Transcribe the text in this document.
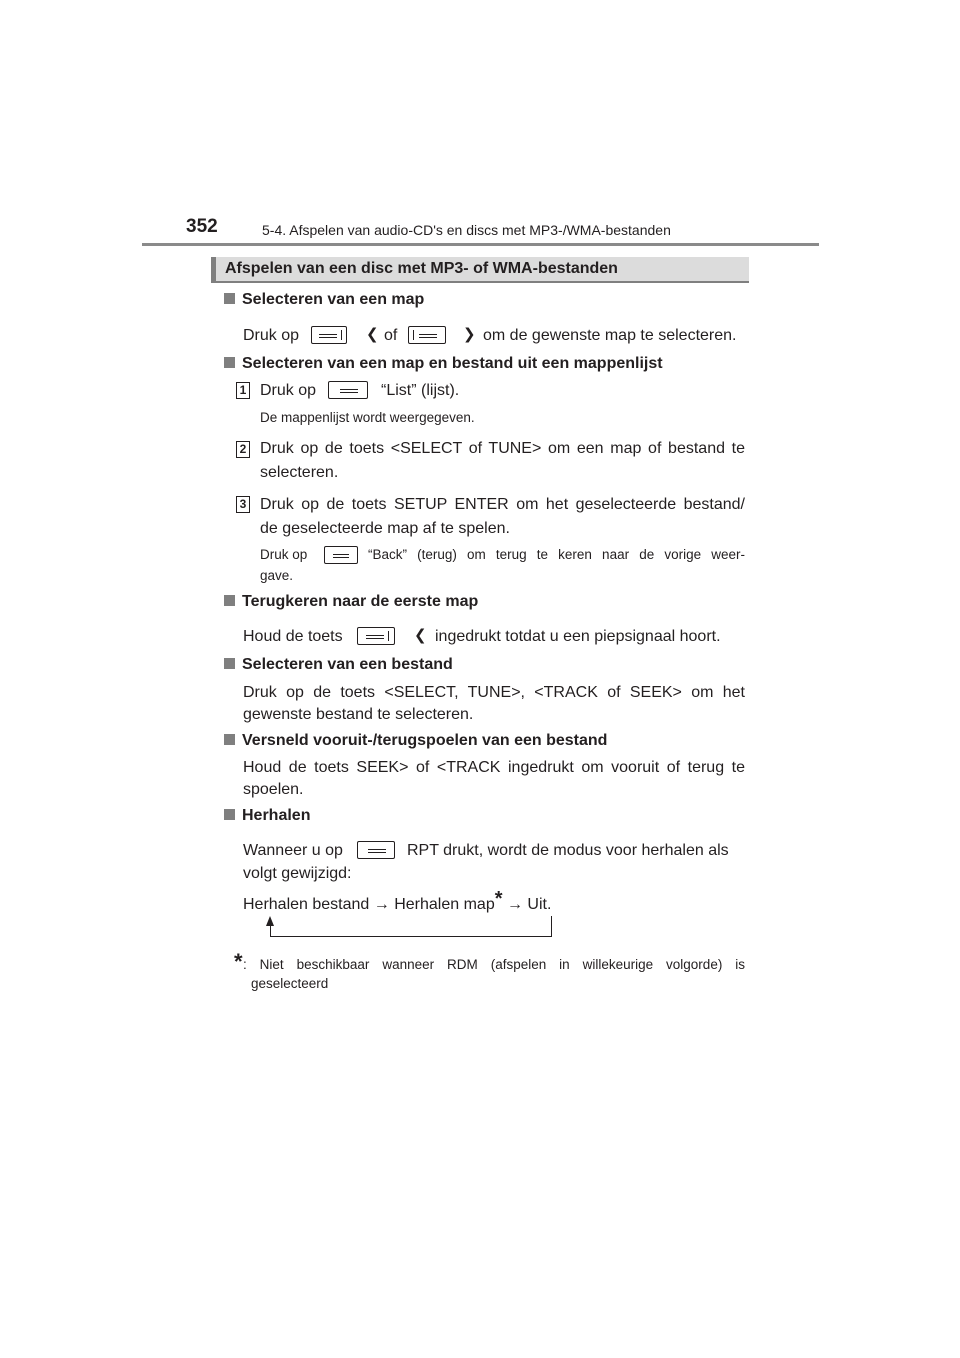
352	5-4. Afspelen van audio-CD's en discs met MP3-/WMA-bestanden
Afspelen van een disc met MP3- of WMA-bestanden
Selecteren van een map
Druk op	❮ of	❯ om de gewenste map te selecteren.
Selecteren van een map en bestand uit een mappenlijst
1 Druk op	“List” (lijst).
De mappenlijst wordt weergegeven.
2 Druk op de toets <SELECT of TUNE> om een map of bestand te
selecteren.
3 Druk op de toets SETUP ENTER om het geselecteerde bestand/
de geselecteerde map af te spelen.
Druk op	“Back” (terug) om terug te keren naar de vorige weer-
gave.
Terugkeren naar de eerste map
Houd de toets	❮ ingedrukt totdat u een piepsignaal hoort.
Selecteren van een bestand
Druk op de toets <SELECT, TUNE>, <TRACK of SEEK> om het
gewenste bestand te selecteren.
Versneld vooruit-/terugspoelen van een bestand
Houd de toets SEEK> of <TRACK ingedrukt om vooruit of terug te
spoelen.
Herhalen
Wanneer u op	RPT drukt, wordt de modus voor herhalen als
volgt gewijzigd:
Herhalen bestand → Herhalen map* → Uit.
* : Niet beschikbaar wanneer RDM (afspelen in willekeurige volgorde) is
geselecteerd
